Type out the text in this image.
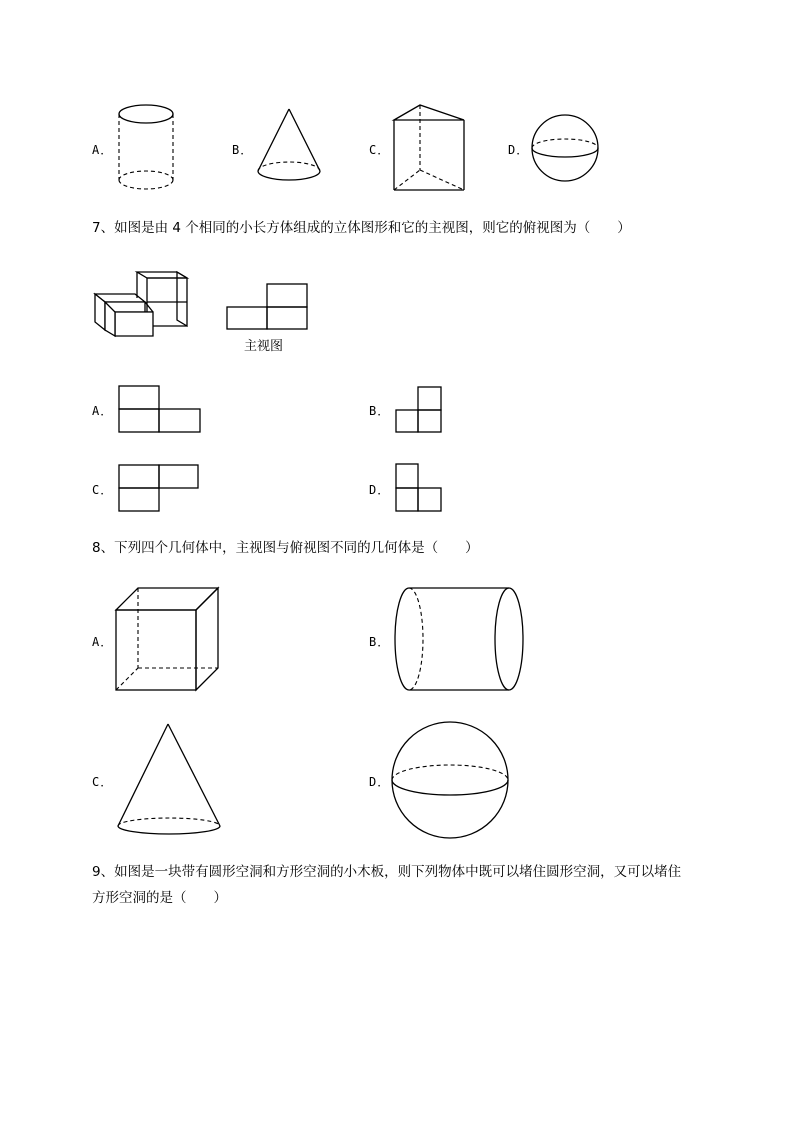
A．	B．	C．	D．
7、如图是由 4 个相同的小长方体组成的立体图形和它的主视图，则它的俯视图为（　　）
主视图
A．	B．
C．	D．
8、下列四个几何体中，主视图与俯视图不同的几何体是（　　）
A．	B．
C．	D．
9、如图是一块带有圆形空洞和方形空洞的小木板，则下列物体中既可以堵住圆形空洞，又可以堵住
方形空洞的是（　　）
